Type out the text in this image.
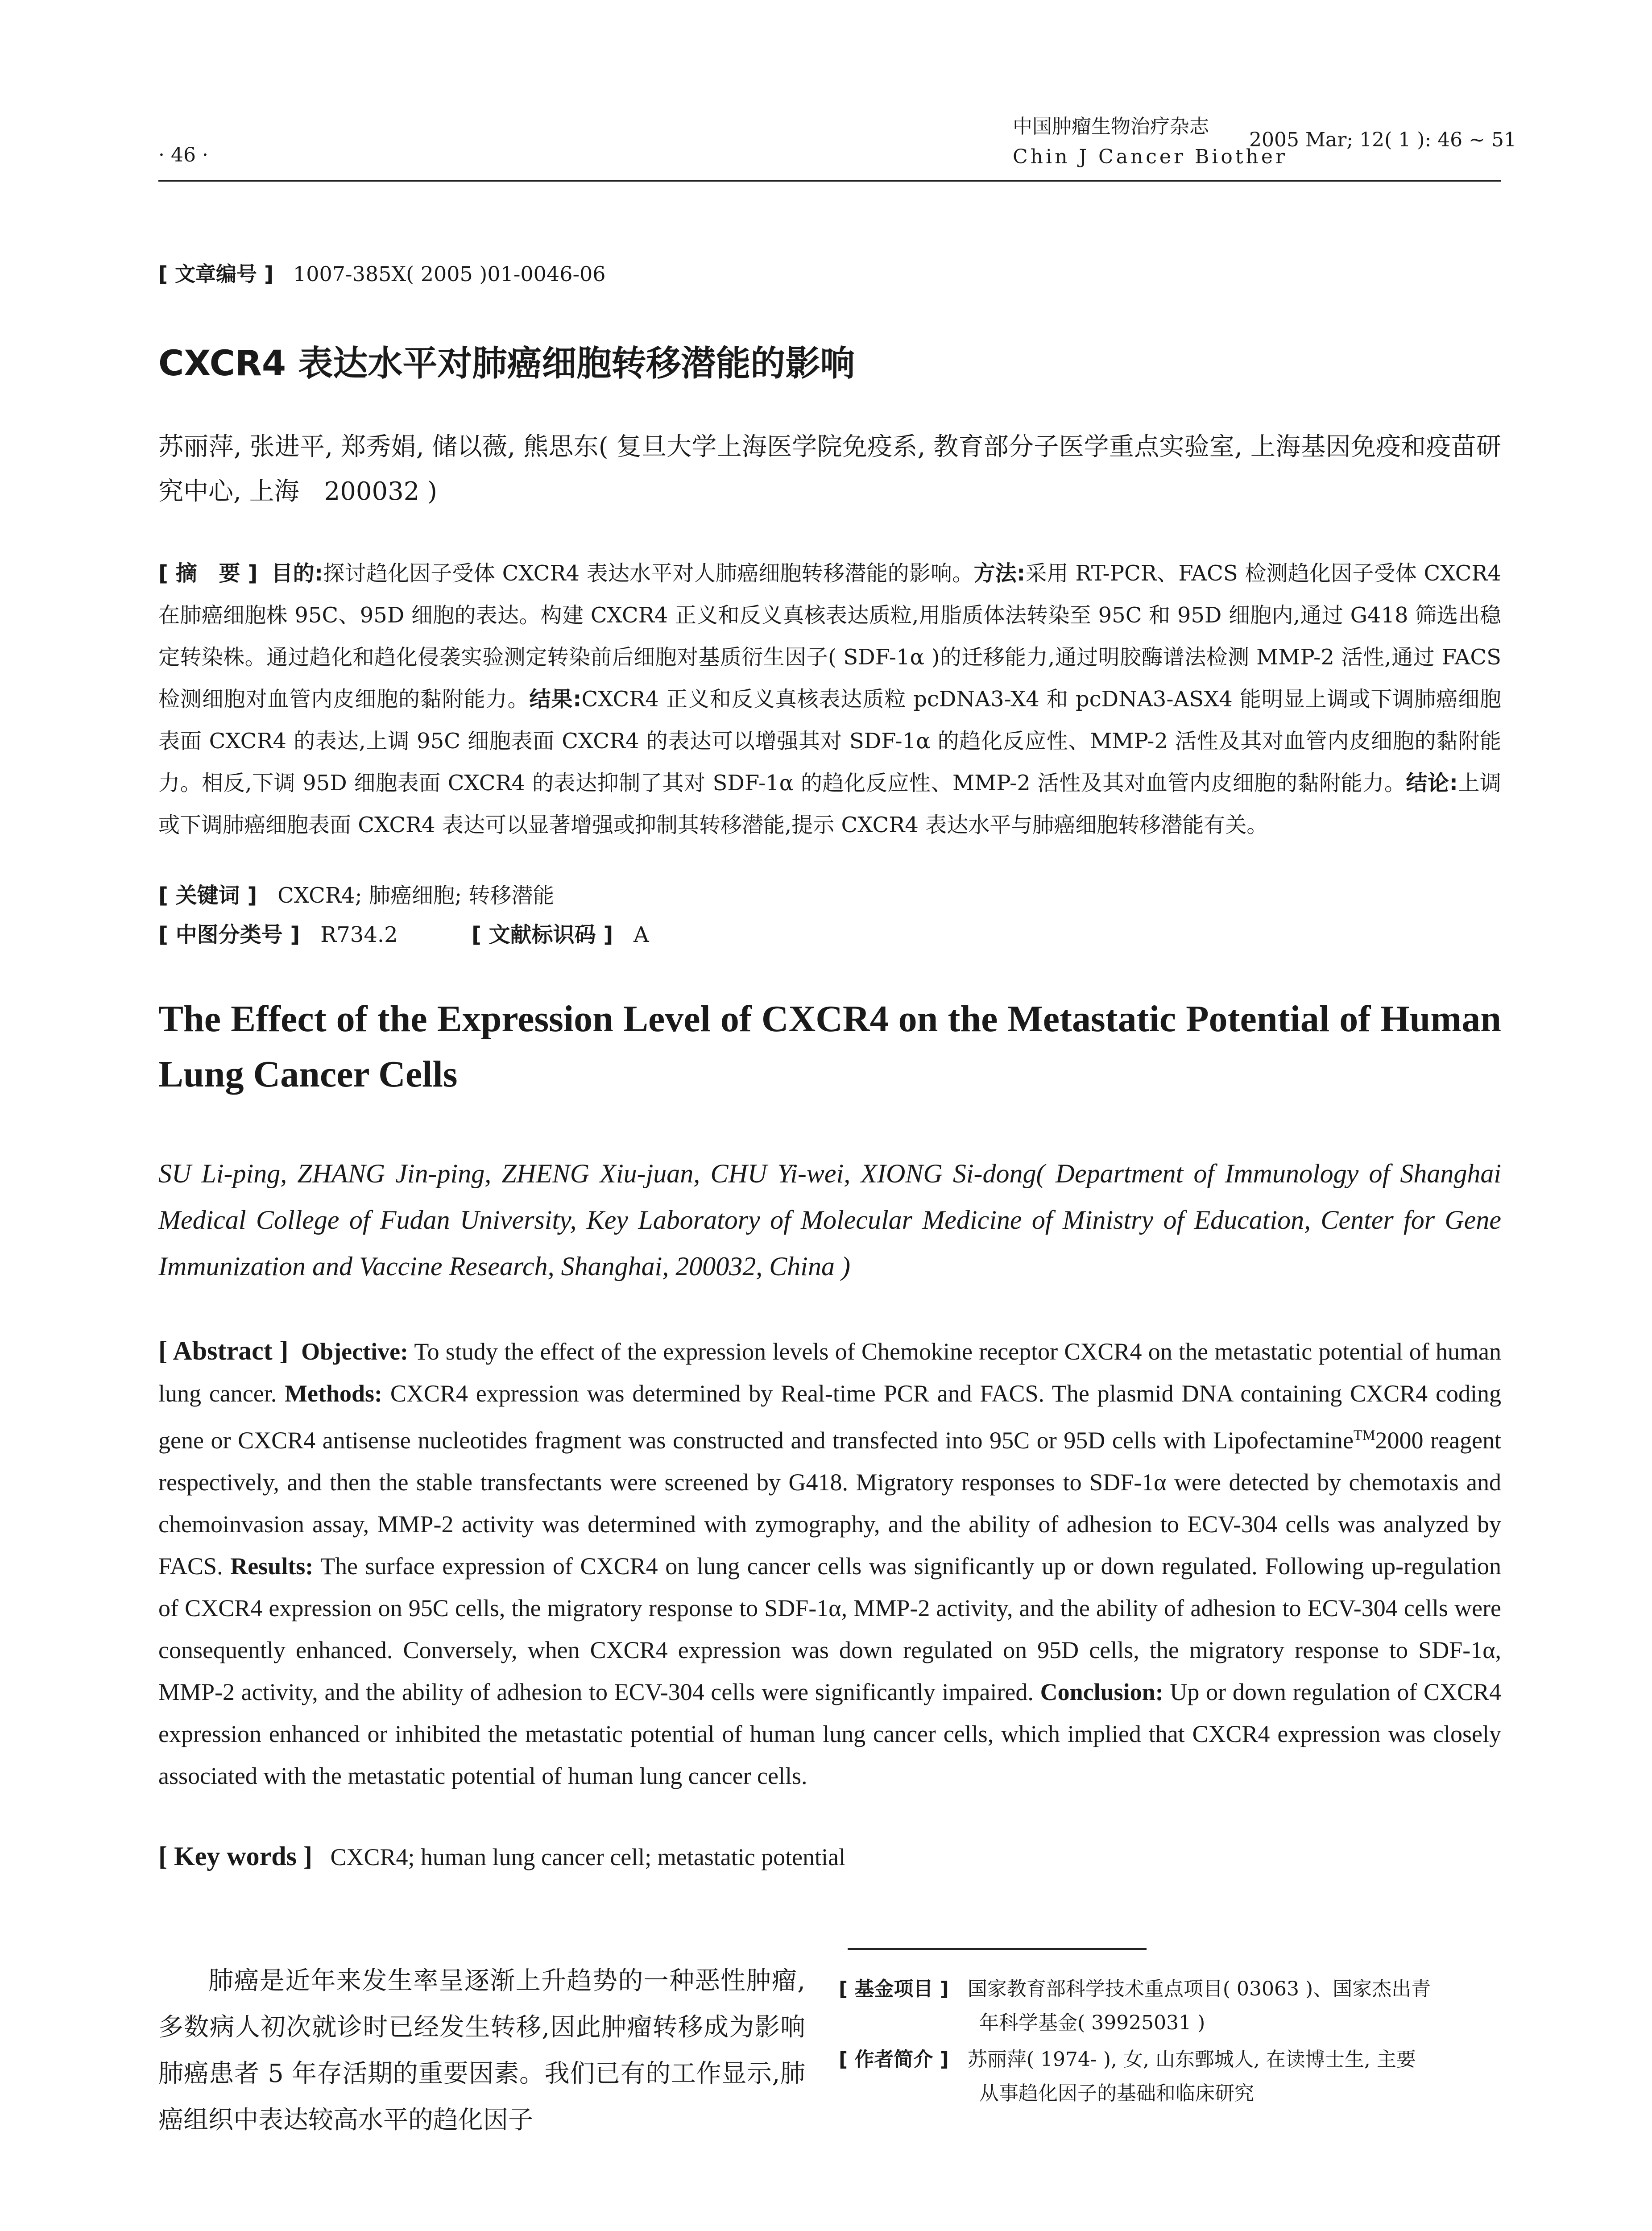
· 46 ·
中国肿瘤生物治疗杂志
Chin J Cancer Biother
2005 Mar; 12( 1 ): 46 ~ 51
[ 文章编号 ] 1007-385X( 2005 )01-0046-06
CXCR4 表达水平对肺癌细胞转移潜能的影响
苏丽萍, 张进平, 郑秀娟, 储以薇, 熊思东( 复旦大学上海医学院免疫系, 教育部分子医学重点实验室, 上海基因免疫和疫苗研究中心, 上海　200032 )
[ 摘　要 ] 目的:探讨趋化因子受体 CXCR4 表达水平对人肺癌细胞转移潜能的影响。方法:采用 RT-PCR、FACS 检测趋化因子受体 CXCR4 在肺癌细胞株 95C、95D 细胞的表达。构建 CXCR4 正义和反义真核表达质粒,用脂质体法转染至 95C 和 95D 细胞内,通过 G418 筛选出稳定转染株。通过趋化和趋化侵袭实验测定转染前后细胞对基质衍生因子( SDF-1α )的迁移能力,通过明胶酶谱法检测 MMP-2 活性,通过 FACS 检测细胞对血管内皮细胞的黏附能力。结果:CXCR4 正义和反义真核表达质粒 pcDNA3-X4 和 pcDNA3-ASX4 能明显上调或下调肺癌细胞表面 CXCR4 的表达,上调 95C 细胞表面 CXCR4 的表达可以增强其对 SDF-1α 的趋化反应性、MMP-2 活性及其对血管内皮细胞的黏附能力。相反,下调 95D 细胞表面 CXCR4 的表达抑制了其对 SDF-1α 的趋化反应性、MMP-2 活性及其对血管内皮细胞的黏附能力。结论:上调或下调肺癌细胞表面 CXCR4 表达可以显著增强或抑制其转移潜能,提示 CXCR4 表达水平与肺癌细胞转移潜能有关。
[ 关键词 ] CXCR4; 肺癌细胞; 转移潜能
[ 中图分类号 ] R734.2	[ 文献标识码 ] A
The Effect of the Expression Level of CXCR4 on the Metastatic Potential of Human Lung Cancer Cells
SU Li-ping, ZHANG Jin-ping, ZHENG Xiu-juan, CHU Yi-wei, XIONG Si-dong( Department of Immunology of Shanghai Medical College of Fudan University, Key Laboratory of Molecular Medicine of Ministry of Education, Center for Gene Immunization and Vaccine Research, Shanghai, 200032, China )
[ Abstract ] Objective: To study the effect of the expression levels of Chemokine receptor CXCR4 on the metastatic potential of human lung cancer. Methods: CXCR4 expression was determined by Real-time PCR and FACS. The plasmid DNA containing CXCR4 coding gene or CXCR4 antisense nucleotides fragment was constructed and transfected into 95C or 95D cells with Lipofectamine™2000 reagent respectively, and then the stable transfectants were screened by G418. Migratory responses to SDF-1α were detected by chemotaxis and chemoinvasion assay, MMP-2 activity was determined with zymography, and the ability of adhesion to ECV-304 cells was analyzed by FACS. Results: The surface expression of CXCR4 on lung cancer cells was significantly up or down regulated. Following up-regulation of CXCR4 expression on 95C cells, the migratory response to SDF-1α, MMP-2 activity, and the ability of adhesion to ECV-304 cells were consequently enhanced. Conversely, when CXCR4 expression was down regulated on 95D cells, the migratory response to SDF-1α, MMP-2 activity, and the ability of adhesion to ECV-304 cells were significantly impaired. Conclusion: Up or down regulation of CXCR4 expression enhanced or inhibited the metastatic potential of human lung cancer cells, which implied that CXCR4 expression was closely associated with the metastatic potential of human lung cancer cells.
[ Key words ] CXCR4; human lung cancer cell; metastatic potential
肺癌是近年来发生率呈逐渐上升趋势的一种恶性肿瘤,多数病人初次就诊时已经发生转移,因此肿瘤转移成为影响肺癌患者 5 年存活期的重要因素。我们已有的工作显示,肺癌组织中表达较高水平的趋化因子
[ 基金项目 ] 国家教育部科学技术重点项目( 03063 )、国家杰出青
年科学基金( 39925031 )
[ 作者简介 ] 苏丽萍( 1974- ), 女, 山东鄄城人, 在读博士生, 主要
从事趋化因子的基础和临床研究
